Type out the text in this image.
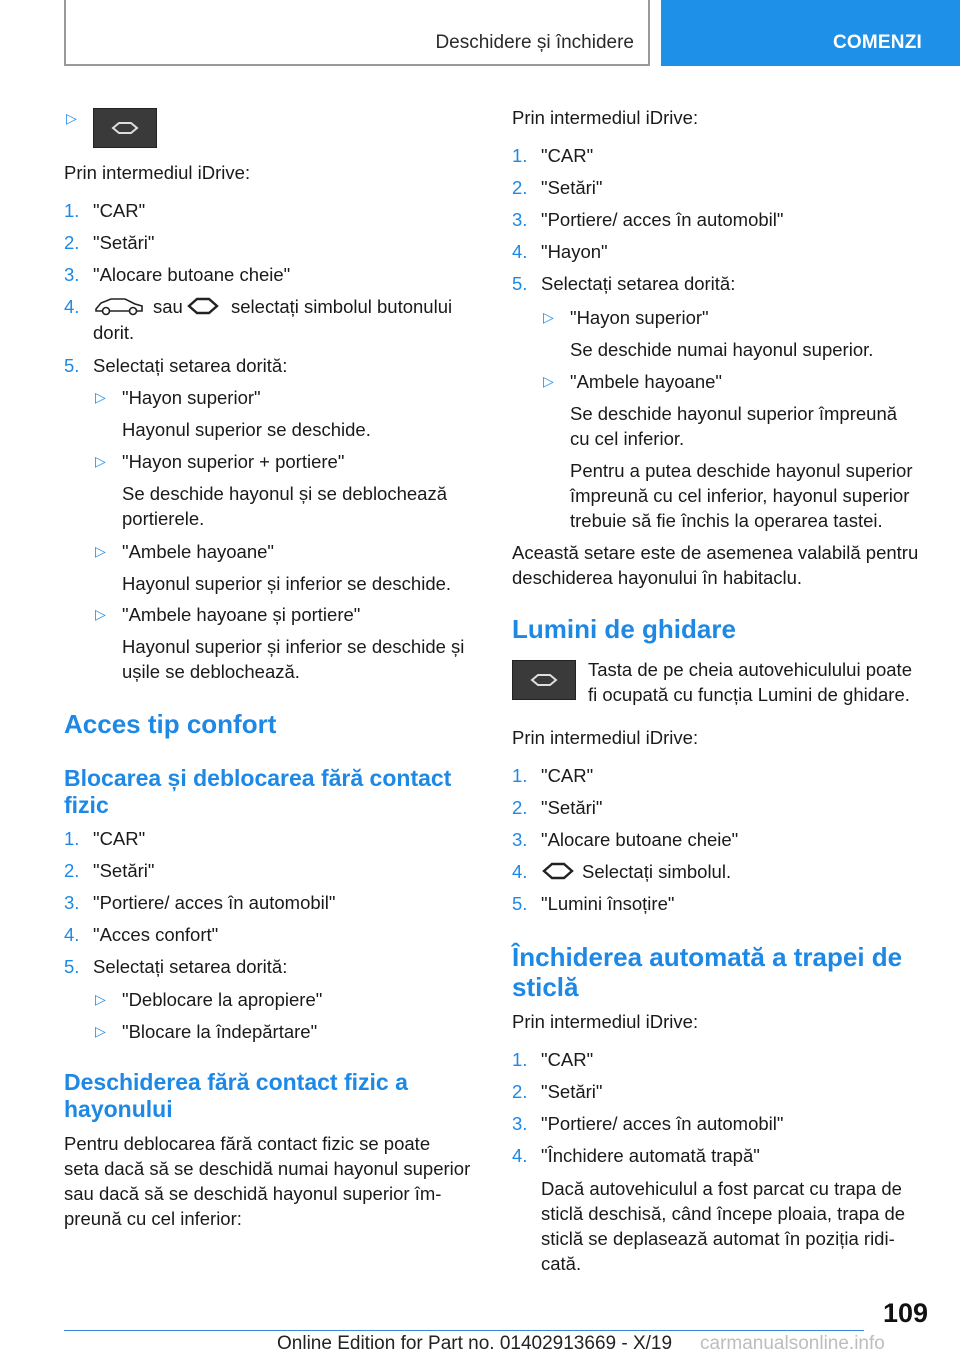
Deschidere și închidere	COMENZI
▷
Prin intermediul iDrive:
1. "CAR"
2. "Setări"
3. "Alocare butoane cheie"
4.	sau	selectați simbolul butonului
dorit.
5. Selectați setarea dorită:
▷ "Hayon superior"
Hayonul superior se deschide.
▷ "Hayon superior + portiere"
Se deschide hayonul și se deblochează
portierele.
▷ "Ambele hayoane"
Hayonul superior și inferior se deschide.
▷ "Ambele hayoane și portiere"
Hayonul superior și inferior se deschide și
ușile se deblochează.
Acces tip confort
Blocarea și deblocarea fără contact
fizic
1. "CAR"
2. "Setări"
3. "Portiere/ acces în automobil"
4. "Acces confort"
5. Selectați setarea dorită:
▷ "Deblocare la apropiere"
▷ "Blocare la îndepărtare"
Deschiderea fără contact fizic a
hayonului
Pentru deblocarea fără contact fizic se poate
seta dacă să se deschidă numai hayonul superior
sau dacă să se deschidă hayonul superior îm-
preună cu cel inferior:
Prin intermediul iDrive:
1. "CAR"
2. "Setări"
3. "Portiere/ acces în automobil"
4. "Hayon"
5. Selectați setarea dorită:
▷ "Hayon superior"
Se deschide numai hayonul superior.
▷ "Ambele hayoane"
Se deschide hayonul superior împreună
cu cel inferior.
Pentru a putea deschide hayonul superior
împreună cu cel inferior, hayonul superior
trebuie să fie închis la operarea tastei.
Această setare este de asemenea valabilă pentru
deschiderea hayonului în habitaclu.
Lumini de ghidare
Tasta de pe cheia autovehiculului poate
fi ocupată cu funcția Lumini de ghidare.
Prin intermediul iDrive:
1. "CAR"
2. "Setări"
3. "Alocare butoane cheie"
4.	Selectați simbolul.
5. "Lumini însoțire"
Închiderea automată a trapei de
sticlă
Prin intermediul iDrive:
1. "CAR"
2. "Setări"
3. "Portiere/ acces în automobil"
4. "Închidere automată trapă"
Dacă autovehiculul a fost parcat cu trapa de
sticlă deschisă, când începe ploaia, trapa de
sticlă se deplasează automat în poziția ridi-
cată.
109
Online Edition for Part no. 01402913669 - X/19 carmanualsonline.info
